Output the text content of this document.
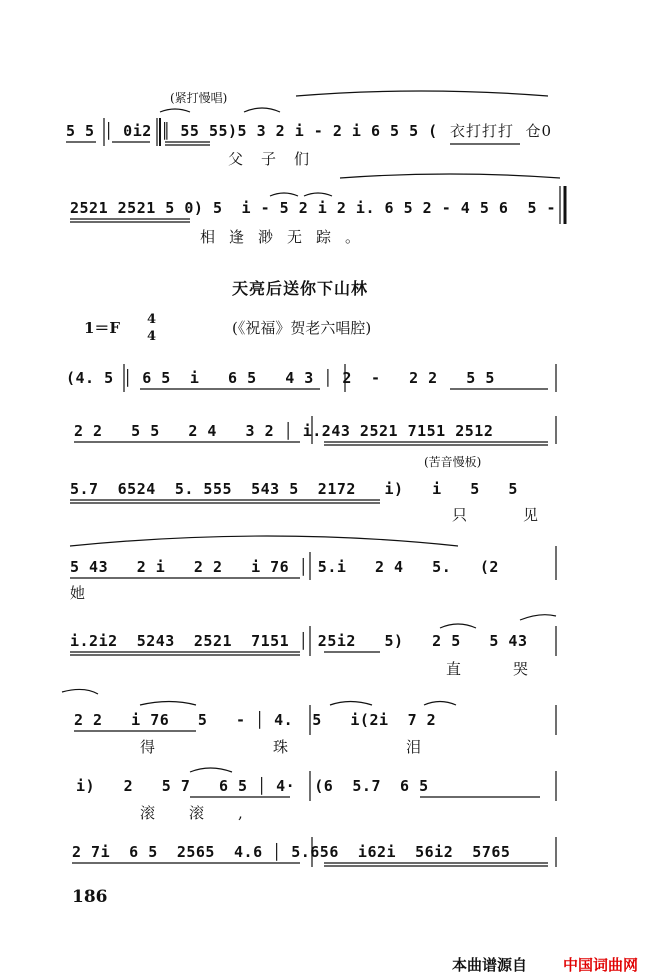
(紧打慢唱)
5 5 │ 0i2 ║ 55 55)5 3 2 i - 2 i 6 5 5 ( 衣打打打  仓0
父子们
2521 2521 5 0) 5  i - 5 2 i 2 i. 6 5 2 - 4 5 6  5 -
相逢渺无踪。
天亮后送你下山林
1＝F 4
4	(《祝福》贺老六唱腔)
(4. 5 │ 6 5  i   6 5   4 3 │ 2  -   2 2   5 5
2 2   5 5   2 4   3 2 │ i.243 2521 7151 2512
(苦音慢板)
5.7  6524  5. 555  543 5  2172   i)   i   5   5
只见
5 43   2 i   2 2   i 76 │ 5.i   2 4   5.   (2
她
i.2i2  5243  2521  7151 │ 25i2   5)   2 5   5 43
直哭
2 2   i 76   5   - │ 4.  5   i(2i  7 2
得珠泪
i)   2   5 7   6 5 │ 4·  (6  5.7  6 5
滚滚,
2 7i  6 5  2565  4.6 │ 5.656  i62i  56i2  5765
186
本曲谱源自 中国词曲网
